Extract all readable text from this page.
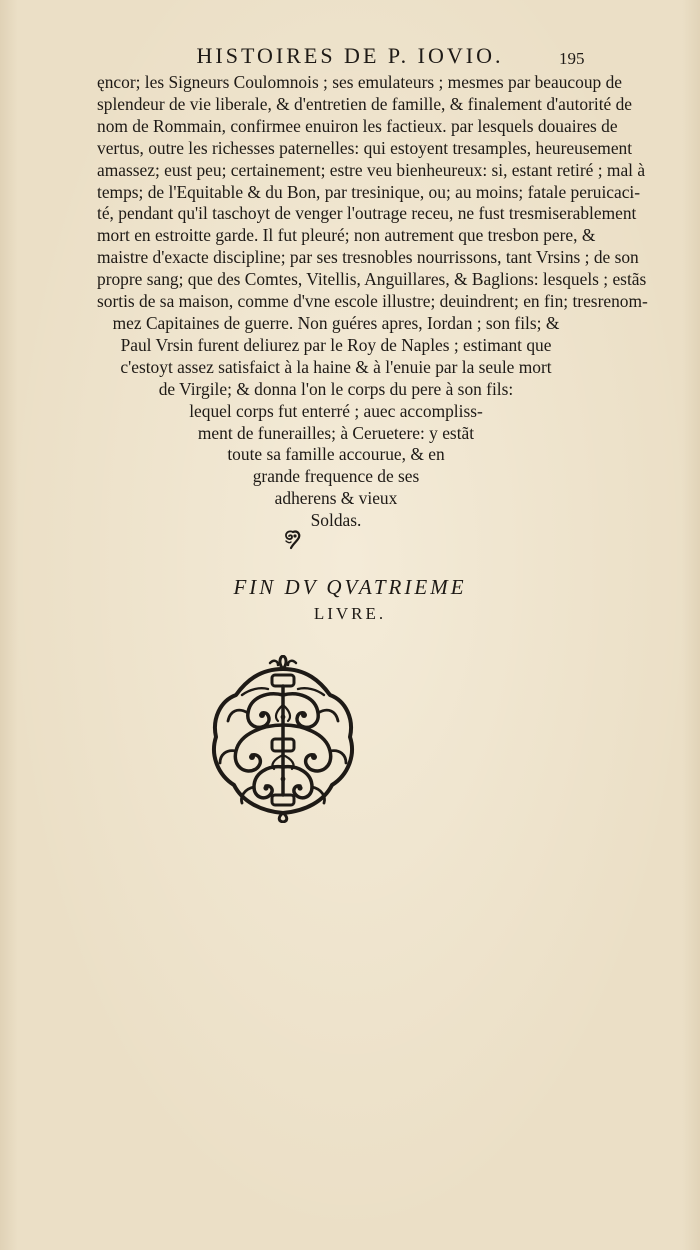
HISTOIRES DE P. IOVIO.	195
ęncor; les Signeurs Coulomnois ; ses emulateurs ; mesmes par beaucoup de
splendeur de vie liberale, & d'entretien de famille, & finalement d'autorité de
nom de Rommain, confirmee enuiron les factieux. par lesquels douaires de
vertus, outre les richesses paternelles: qui estoyent tresamples, heureusement
amassez; eust peu; certainement; estre veu bienheureux: si, estant retiré ; mal à
temps; de l'Equitable & du Bon, par tresinique, ou; au moins; fatale peruicaci-
té, pendant qu'il taschoyt de venger l'outrage receu, ne fust tresmiserablement
mort en estroitte garde. Il fut pleuré; non autrement que tresbon pere, &
maistre d'exacte discipline; par ses tresnobles nourrissons, tant Vrsins ; de son
propre sang; que des Comtes, Vitellis, Anguillares, & Baglions: lesquels ; estãs
sortis de sa maison, comme d'vne escole illustre; deuindrent; en fin; tresrenom-
mez Capitaines de guerre. Non guéres apres, Iordan ; son fils; &
Paul Vrsin furent deliurez par le Roy de Naples ; estimant que
c'estoyt assez satisfaict à la haine & à l'enuie par la seule mort
de Virgile; & donna l'on le corps du pere à son fils:
lequel corps fut enterré ; auec accompliss-
ment de funerailles; à Ceruetere: y estãt
toute sa famille accourue, & en
grande frequence de ses
adherens & vieux
Soldas.
FIN DV QVATRIEME
LIVRE.
